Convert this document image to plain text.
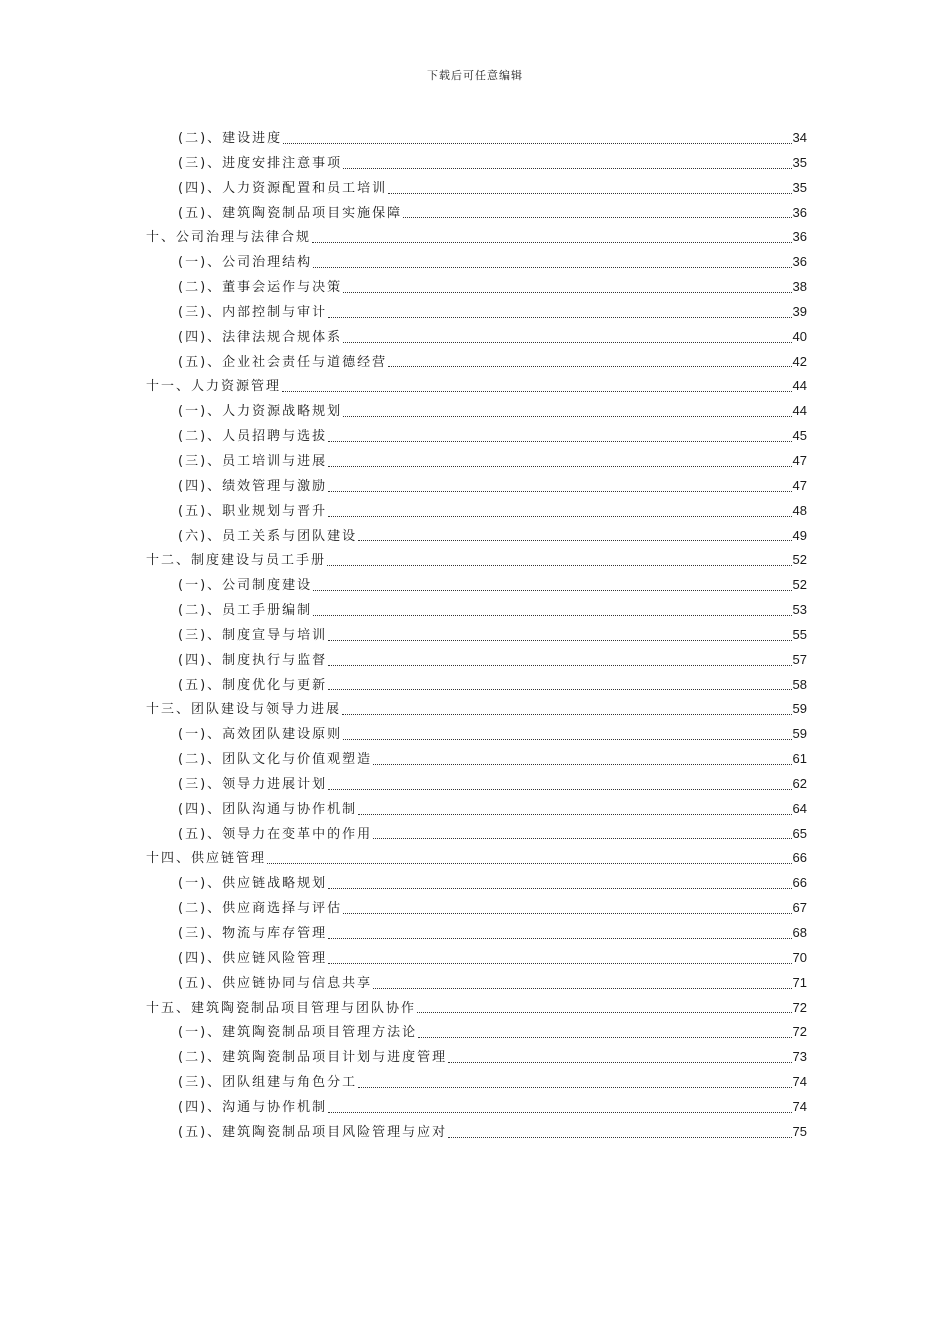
下载后可任意编辑
(二)、建设进度	34
(三)、进度安排注意事项	35
(四)、人力资源配置和员工培训	35
(五)、建筑陶瓷制品项目实施保障	36
十、公司治理与法律合规	36
(一)、公司治理结构	36
(二)、董事会运作与决策	38
(三)、内部控制与审计	39
(四)、法律法规合规体系	40
(五)、企业社会责任与道德经营	42
十一、人力资源管理	44
(一)、人力资源战略规划	44
(二)、人员招聘与选拔	45
(三)、员工培训与进展	47
(四)、绩效管理与激励	47
(五)、职业规划与晋升	48
(六)、员工关系与团队建设	49
十二、制度建设与员工手册	52
(一)、公司制度建设	52
(二)、员工手册编制	53
(三)、制度宣导与培训	55
(四)、制度执行与监督	57
(五)、制度优化与更新	58
十三、团队建设与领导力进展	59
(一)、高效团队建设原则	59
(二)、团队文化与价值观塑造	61
(三)、领导力进展计划	62
(四)、团队沟通与协作机制	64
(五)、领导力在变革中的作用	65
十四、供应链管理	66
(一)、供应链战略规划	66
(二)、供应商选择与评估	67
(三)、物流与库存管理	68
(四)、供应链风险管理	70
(五)、供应链协同与信息共享	71
十五、建筑陶瓷制品项目管理与团队协作	72
(一)、建筑陶瓷制品项目管理方法论	72
(二)、建筑陶瓷制品项目计划与进度管理	73
(三)、团队组建与角色分工	74
(四)、沟通与协作机制	74
(五)、建筑陶瓷制品项目风险管理与应对	75
